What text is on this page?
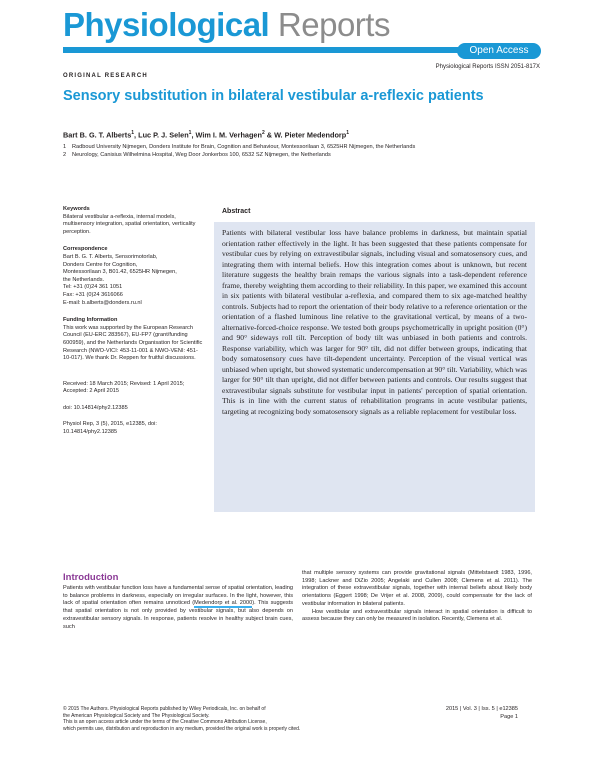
Physiological Reports
Open Access
Physiological Reports ISSN 2051-817X
ORIGINAL RESEARCH
Sensory substitution in bilateral vestibular a-reflexic patients
Bart B. G. T. Alberts$^1$, Luc P. J. Selen$^1$, Wim I. M. Verhagen$^2$ & W. Pieter Medendorp$^1$
1 Radboud University Nijmegen, Donders Institute for Brain, Cognition and Behaviour, Montessorilaan 3, 6525HR Nijmegen, the Netherlands
2 Neurology, Canisius Wilhelmina Hospital, Weg Door Jonkerbos 100, 6532 SZ Nijmegen, the Netherlands
Keywords

Bilateral vestibular a-reflexia, internal models, multisensory integration, spatial orientation, verticality perception.

Correspondence

Bart B. G. T. Alberts, Sensorimotorlab,

Donders Centre for Cognition,

Montessorilaan 3, B01.42, 6525HR Nijmegen,

the Netherlands.

Tel: +31 (0)24 361 1051

Fax: +31 (0)24 3616066

E-mail: b.alberts@donders.ru.nl

Funding Information

This work was supported by the European Research Council (EU-ERC 283567), EU-FP7 (grant/funding 600959), and the Netherlands Organisation for Scientific Research (NWO-VICI: 453-11-001 & NWO-VENI: 451-10-017). We thank Dr. Reppen for fruitful discussions.

Received: 18 March 2015; Revised: 1 April 2015; Accepted: 2 April 2015

doi: 10.14814/phy2.12385

Physiol Rep, 3 (5), 2015, e12385, doi: 10.14814/phy2.12385

Abstract

Patients with bilateral vestibular loss have balance problems in darkness, but maintain spatial orientation rather effectively in the light. It has been suggested that these patients compensate for vestibular cues by relying on extravestibular signals, including visual and somatosensory cues, and integrating them with internal beliefs. How this integration comes about is unknown, but recent literature suggests the healthy brain remaps the various signals into a task-dependent reference frame, thereby weighting them according to their reliability. In this paper, we examined this account in six patients with bilateral vestibular a-reflexia, and compared them to six age-matched healthy controls. Subjects had to report the orientation of their body relative to a reference orientation or the orientation of a flashed luminous line relative to the gravitational vertical, by means of a two-alternative-forced-choice response. We tested both groups psychometrically in upright position (0°) and 90° sideways roll tilt. Perception of body tilt was unbiased in both patients and controls. Response variability, which was larger for 90° tilt, did not differ between groups, indicating that body somatosensory cues have tilt-dependent uncertainty. Perception of the visual vertical was unbiased when upright, but showed systematic undercompensation at 90° tilt. Variability, which was larger for 90° tilt than upright, did not differ between patients and controls. Our results suggest that extravestibular signals substitute for vestibular input in patients' perception of spatial orientation. This is in line with the current status of rehabilitation programs in acute vestibular patients, targeting at recognizing body somatosensory signals as a reliable replacement for vestibular loss.

Introduction

Patients with vestibular function loss have a fundamental sense of spatial orientation, leading to balance problems in darkness, especially on irregular surfaces. In the light, however, this lack of spatial orientation often remains unnoticed (Medendorp et al. 2000). This suggests that spatial orientation is not only provided by vestibular signals, but also depends on extravestibular sensory signals. In response, patients resolve in healthy subject brain cues, such

that multiple sensory systems can provide gravitational signals (Mittelstaedt 1983, 1996, 1998; Lackner and DiZio 2005; Angelaki and Cullen 2008; Clemens et al. 2011). The integration of these extravestibular signals, together with internal beliefs about likely body orientations (Eggert 1998; De Vrijer et al. 2008, 2009), could compensate for the lack of vestibular information in bilateral patients.

How vestibular and extravestibular signals interact in spatial orientation is difficult to assess because they can only be measured in isolation. Recently, Clemens et al.

© 2015 The Authors. Physiological Reports published by Wiley Periodicals, Inc. on behalf of

the American Physiological Society and The Physiological Society.

This is an open access article under the terms of the Creative Commons Attribution License,

which permits use, distribution and reproduction in any medium, provided the original work is properly cited.

2015 | Vol. 3 | Iss. 5 | e12385
Page 1
